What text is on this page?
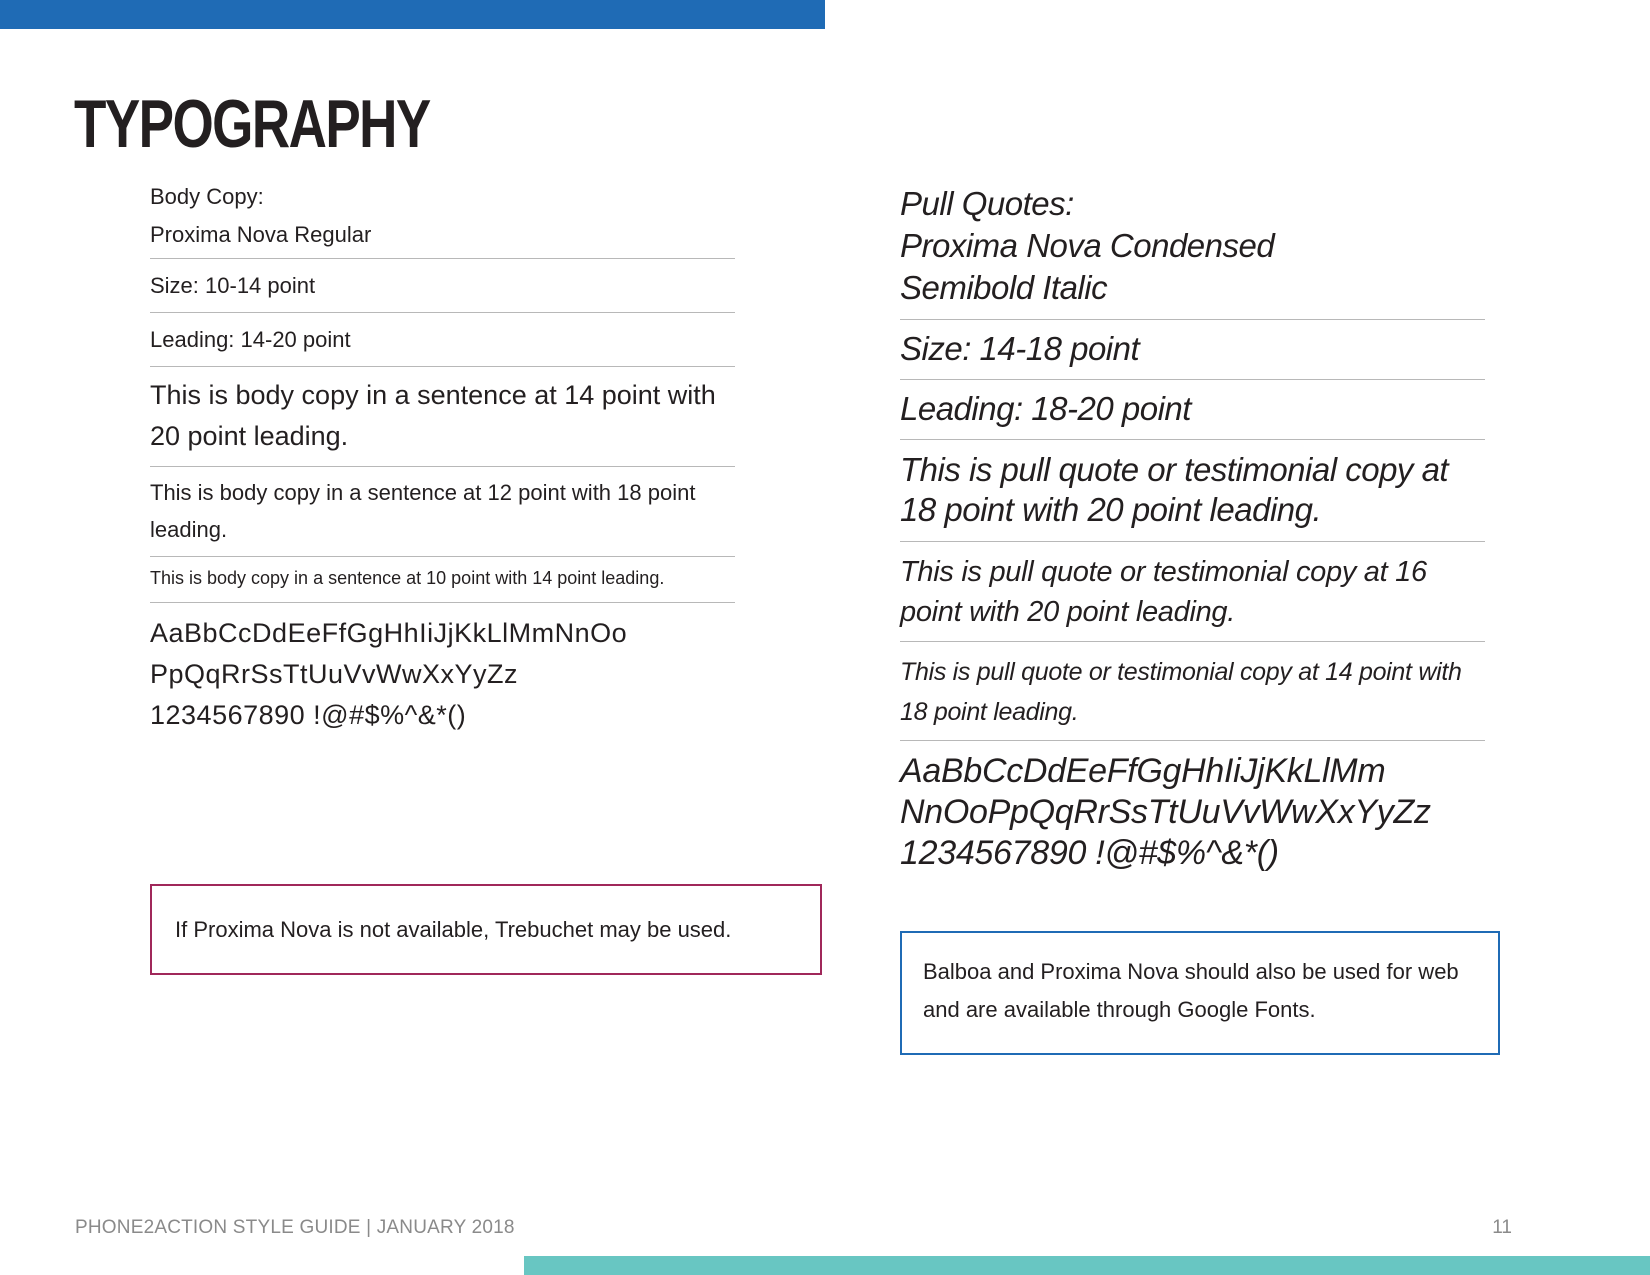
TYPOGRAPHY
Body Copy:
Proxima Nova Regular
Size: 10-14 point
Leading: 14-20 point
This is body copy in a sentence at 14 point with 20 point leading.
This is body copy in a sentence at 12 point with 18 point leading.
This is body copy in a sentence at 10 point with 14 point leading.
AaBbCcDdEeFfGgHhIiJjKkLlMmNnOo
PpQqRrSsTtUuVvWwXxYyZz
1234567890 !@#$%^&*()
Pull Quotes:
Proxima Nova Condensed
Semibold Italic
Size: 14-18 point
Leading: 18-20 point
This is pull quote or testimonial copy at 18 point with 20 point leading.
This is pull quote or testimonial copy at 16 point with 20 point leading.
This is pull quote or testimonial copy at 14 point with 18 point leading.
AaBbCcDdEeFfGgHhIiJjKkLlMm
NnOoPpQqRrSsTtUuVvWwXxYyZz
1234567890 !@#$%^&*()
If Proxima Nova is not available, Trebuchet may be used.
Balboa and Proxima Nova should also be used for web and are available through Google Fonts.
PHONE2ACTION STYLE GUIDE | JANUARY 2018	11
